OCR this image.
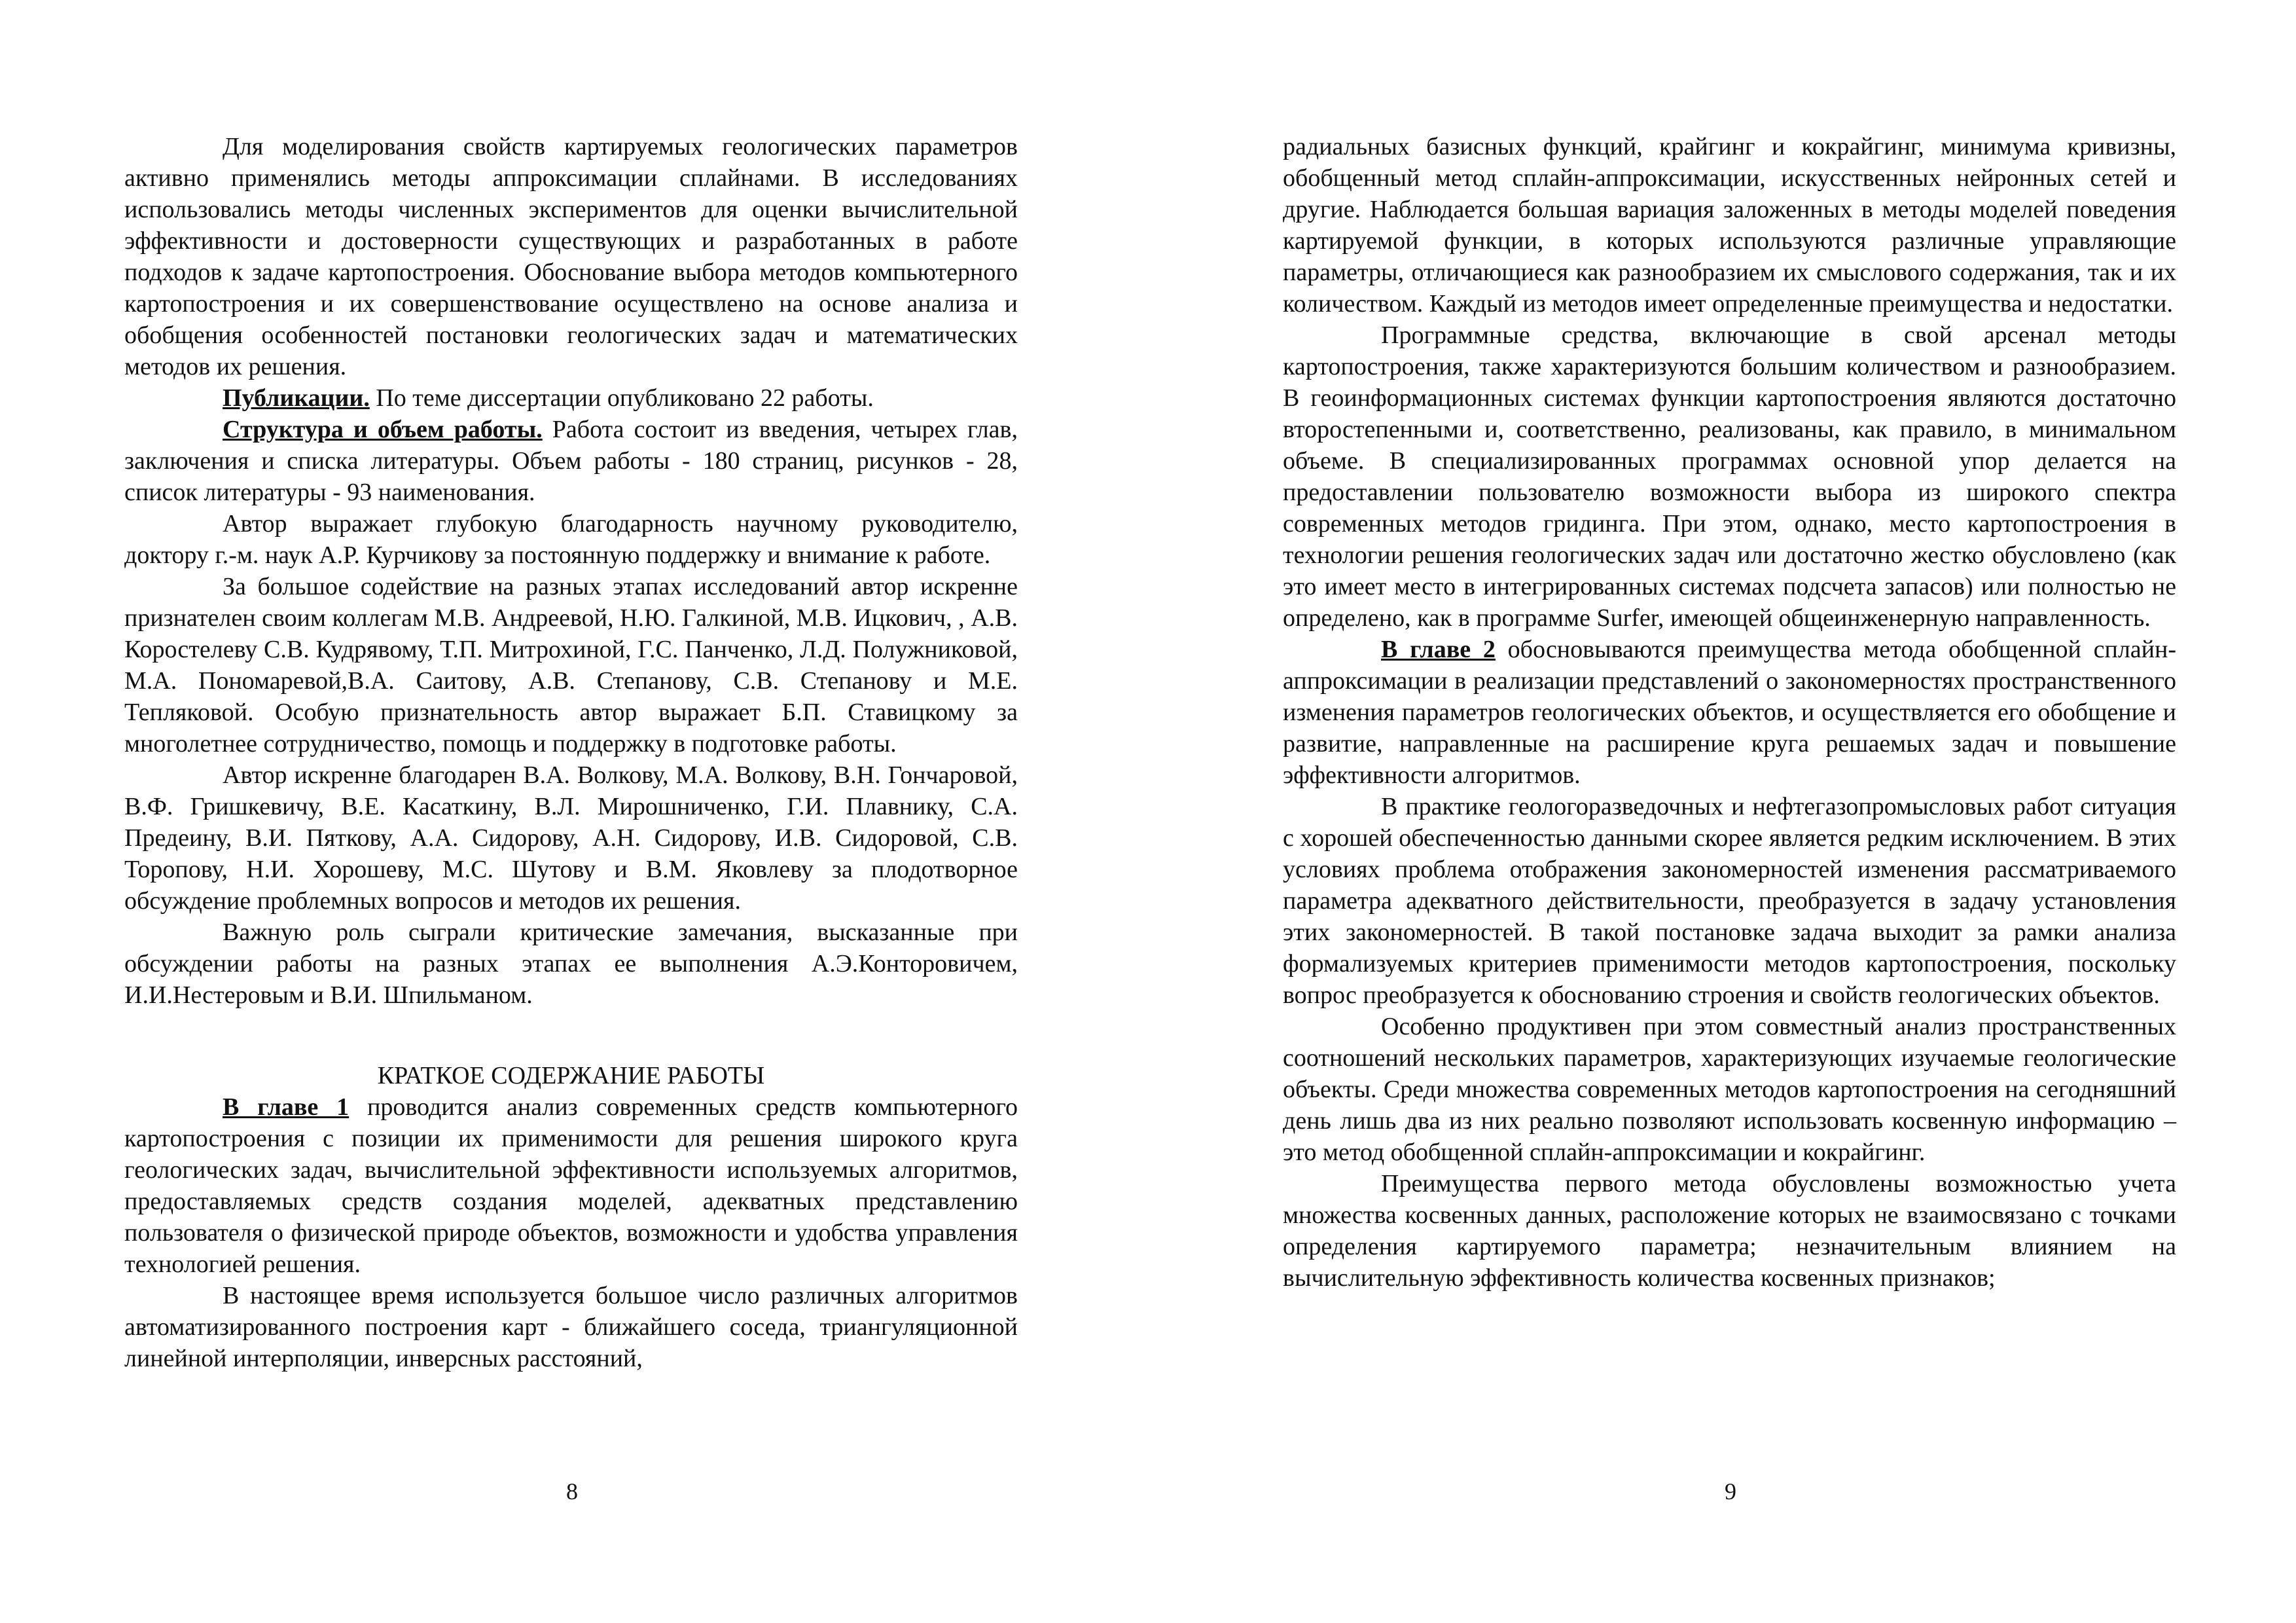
Для моделирования свойств картируемых геологических параметров активно применялись методы аппроксимации сплайнами. В исследованиях использовались методы численных экспериментов для оценки вычислительной эффективности и достоверности существующих и разработанных в работе подходов к задаче картопостроения. Обоснование выбора методов компьютерного картопостроения и их совершенствование осуществлено на основе анализа и обобщения особенностей постановки геологических задач и математических методов их решения.

Публикации. По теме диссертации опубликовано 22 работы.

Структура и объем работы. Работа состоит из введения, четырех глав, заключения и списка литературы. Объем работы - 180 страниц, рисунков - 28, список литературы - 93 наименования.

Автор выражает глубокую благодарность научному руководителю, доктору г.-м. наук А.Р. Курчикову за постоянную поддержку и внимание к работе.

За большое содействие на разных этапах исследований автор искренне признателен своим коллегам М.В. Андреевой, Н.Ю. Галкиной, М.В. Ицкович, , А.В. Коростелеву С.В. Кудрявому, Т.П. Митрохиной, Г.С. Панченко, Л.Д. Полужниковой, М.А. Пономаревой,В.А. Саитову, А.В. Степанову, С.В. Степанову и М.Е. Тепляковой. Особую признательность автор выражает Б.П. Ставицкому за многолетнее сотрудничество, помощь и поддержку в подготовке работы.

Автор искренне благодарен В.А. Волкову, М.А. Волкову, В.Н. Гончаровой, В.Ф. Гришкевичу, В.Е. Касаткину, В.Л. Мирошниченко, Г.И. Плавнику, С.А. Предеину, В.И. Пяткову, А.А. Сидорову, А.Н. Сидорову, И.В. Сидоровой, С.В. Торопову, Н.И. Хорошеву, М.С. Шутову и В.М. Яковлеву за плодотворное обсуждение проблемных вопросов и методов их решения.

Важную роль сыграли критические замечания, высказанные при обсуждении работы на разных этапах ее выполнения А.Э.Конторовичем, И.И.Нестеровым и В.И. Шпильманом.

КРАТКОЕ СОДЕРЖАНИЕ РАБОТЫ

В главе 1 проводится анализ современных средств компьютерного картопостроения с позиции их применимости для решения широкого круга геологических задач, вычислительной эффективности используемых алгоритмов, предоставляемых средств создания моделей, адекватных представлению пользователя о физической природе объектов, возможности и удобства управления технологией решения.

В настоящее время используется большое число различных алгоритмов автоматизированного построения карт - ближайшего соседа, триангуляционной линейной интерполяции, инверсных расстояний,

8

радиальных базисных функций, крайгинг и кокрайгинг, минимума кривизны, обобщенный метод сплайн-аппроксимации, искусственных нейронных сетей и другие. Наблюдается большая вариация заложенных в методы моделей поведения картируемой функции, в которых используются различные управляющие параметры, отличающиеся как разнообразием их смыслового содержания, так и их количеством. Каждый из методов имеет определенные преимущества и недостатки.

Программные средства, включающие в свой арсенал методы картопостроения, также характеризуются большим количеством и разнообразием. В геоинформационных системах функции картопостроения являются достаточно второстепенными и, соответственно, реализованы, как правило, в минимальном объеме. В специализированных программах основной упор делается на предоставлении пользователю возможности выбора из широкого спектра современных методов гридинга. При этом, однако, место картопостроения в технологии решения геологических задач или достаточно жестко обусловлено (как это имеет место в интегрированных системах подсчета запасов) или полностью не определено, как в программе Surfer, имеющей общеинженерную направленность.

В главе 2 обосновываются преимущества метода обобщенной сплайн-аппроксимации в реализации представлений о закономерностях пространственного изменения параметров геологических объектов, и осуществляется его обобщение и развитие, направленные на расширение круга решаемых задач и повышение эффективности алгоритмов.

В практике геологоразведочных и нефтегазопромысловых работ ситуация с хорошей обеспеченностью данными скорее является редким исключением. В этих условиях проблема отображения закономерностей изменения рассматриваемого параметра адекватного действительности, преобразуется в задачу установления этих закономерностей. В такой постановке задача выходит за рамки анализа формализуемых критериев применимости методов картопостроения, поскольку вопрос преобразуется к обоснованию строения и свойств геологических объектов.

Особенно продуктивен при этом совместный анализ пространственных соотношений нескольких параметров, характеризующих изучаемые геологические объекты. Среди множества современных методов картопостроения на сегодняшний день лишь два из них реально позволяют использовать косвенную информацию – это метод обобщенной сплайн-аппроксимации и кокрайгинг.

Преимущества первого метода обусловлены возможностью учета множества косвенных данных, расположение которых не взаимосвязано с точками определения картируемого параметра; незначительным влиянием на вычислительную эффективность количества косвенных признаков;

9
